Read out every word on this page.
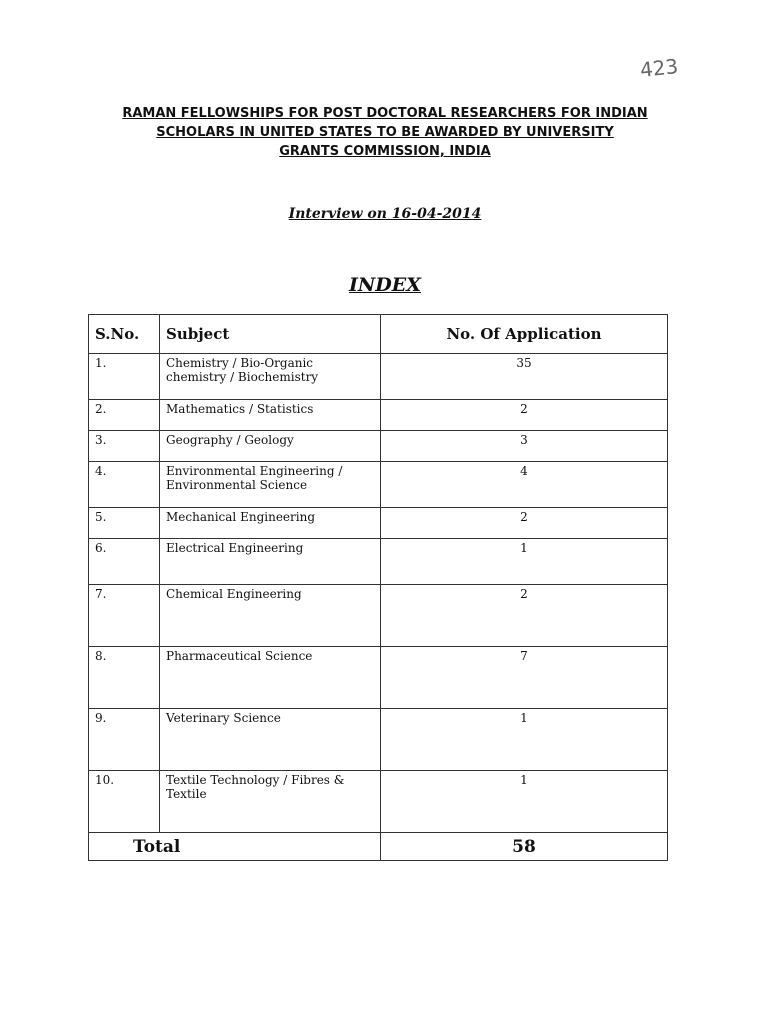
423
RAMAN FELLOWSHIPS FOR POST DOCTORAL RESEARCHERS FOR INDIAN
SCHOLARS IN UNITED STATES TO BE AWARDED BY UNIVERSITY
GRANTS COMMISSION, INDIA
Interview on 16-04-2014
INDEX
S.No.	Subject	No. Of Application
1.	Chemistry / Bio-Organic chemistry / Biochemistry	35
2.	Mathematics / Statistics	2
3.	Geography / Geology	3
4.	Environmental Engineering / Environmental Science	4
5.	Mechanical Engineering	2
6.	Electrical Engineering	1
7.	Chemical Engineering	2
8.	Pharmaceutical Science	7
9.	Veterinary Science	1
10.	Textile Technology / Fibres & Textile	1
Total		58
